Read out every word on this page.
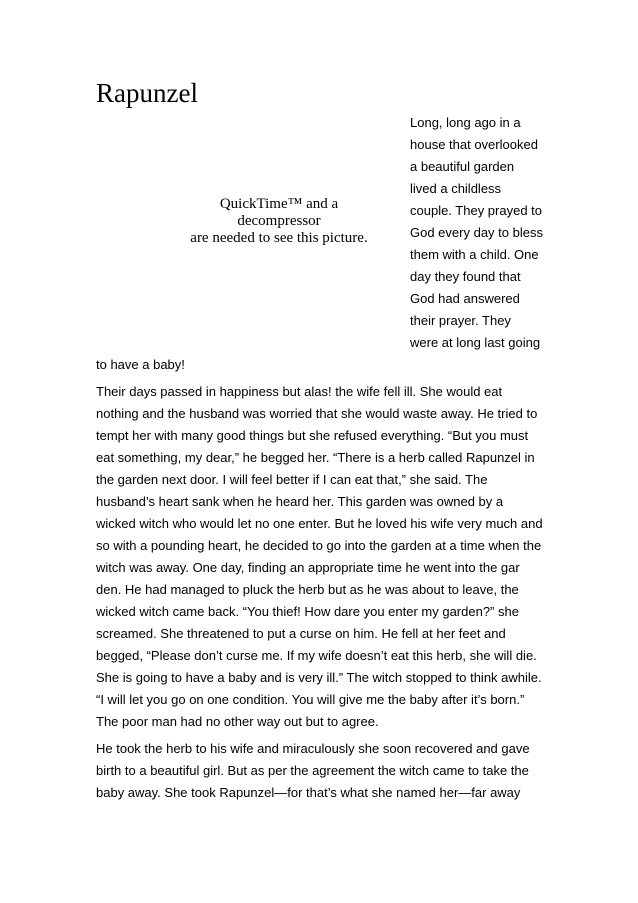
Rapunzel
QuickTime™ and a
decompressor
are needed to see this picture.
Long, long ago in a
house that overlooked
a beautiful garden
lived a childless
couple. They prayed to
God every day to bless
them with a child. One
day they found that
God had answered
their prayer. They
were at long last going
to have a baby!
Their days passed in happiness but alas! the wife fell ill. She would eat
nothing and the husband was worried that she would waste away. He tried to
tempt her with many good things but she refused everything. “But you must
eat something, my dear,” he begged her. “There is a herb called Rapunzel in
the garden next door. I will feel better if I can eat that,” she said. The
husband’s heart sank when he heard her. This garden was owned by a
wicked witch who would let no one enter. But he loved his wife very much and
so with a pounding heart, he decided to go into the garden at a time when the
witch was away. One day, finding an appropriate time he went into the gar
den. He had managed to pluck the herb but as he was about to leave, the
wicked witch came back. “You thief! How dare you enter my garden?” she
screamed. She threatened to put a curse on him. He fell at her feet and
begged, “Please don’t curse me. If my wife doesn’t eat this herb, she will die.
She is going to have a baby and is very ill.” The witch stopped to think awhile.
“I will let you go on one condition. You will give me the baby after it’s born.”
The poor man had no other way out but to agree.
He took the herb to his wife and miraculously she soon recovered and gave
birth to a beautiful girl. But as per the agreement the witch came to take the
baby away. She took Rapunzel—for that’s what she named her—far away
